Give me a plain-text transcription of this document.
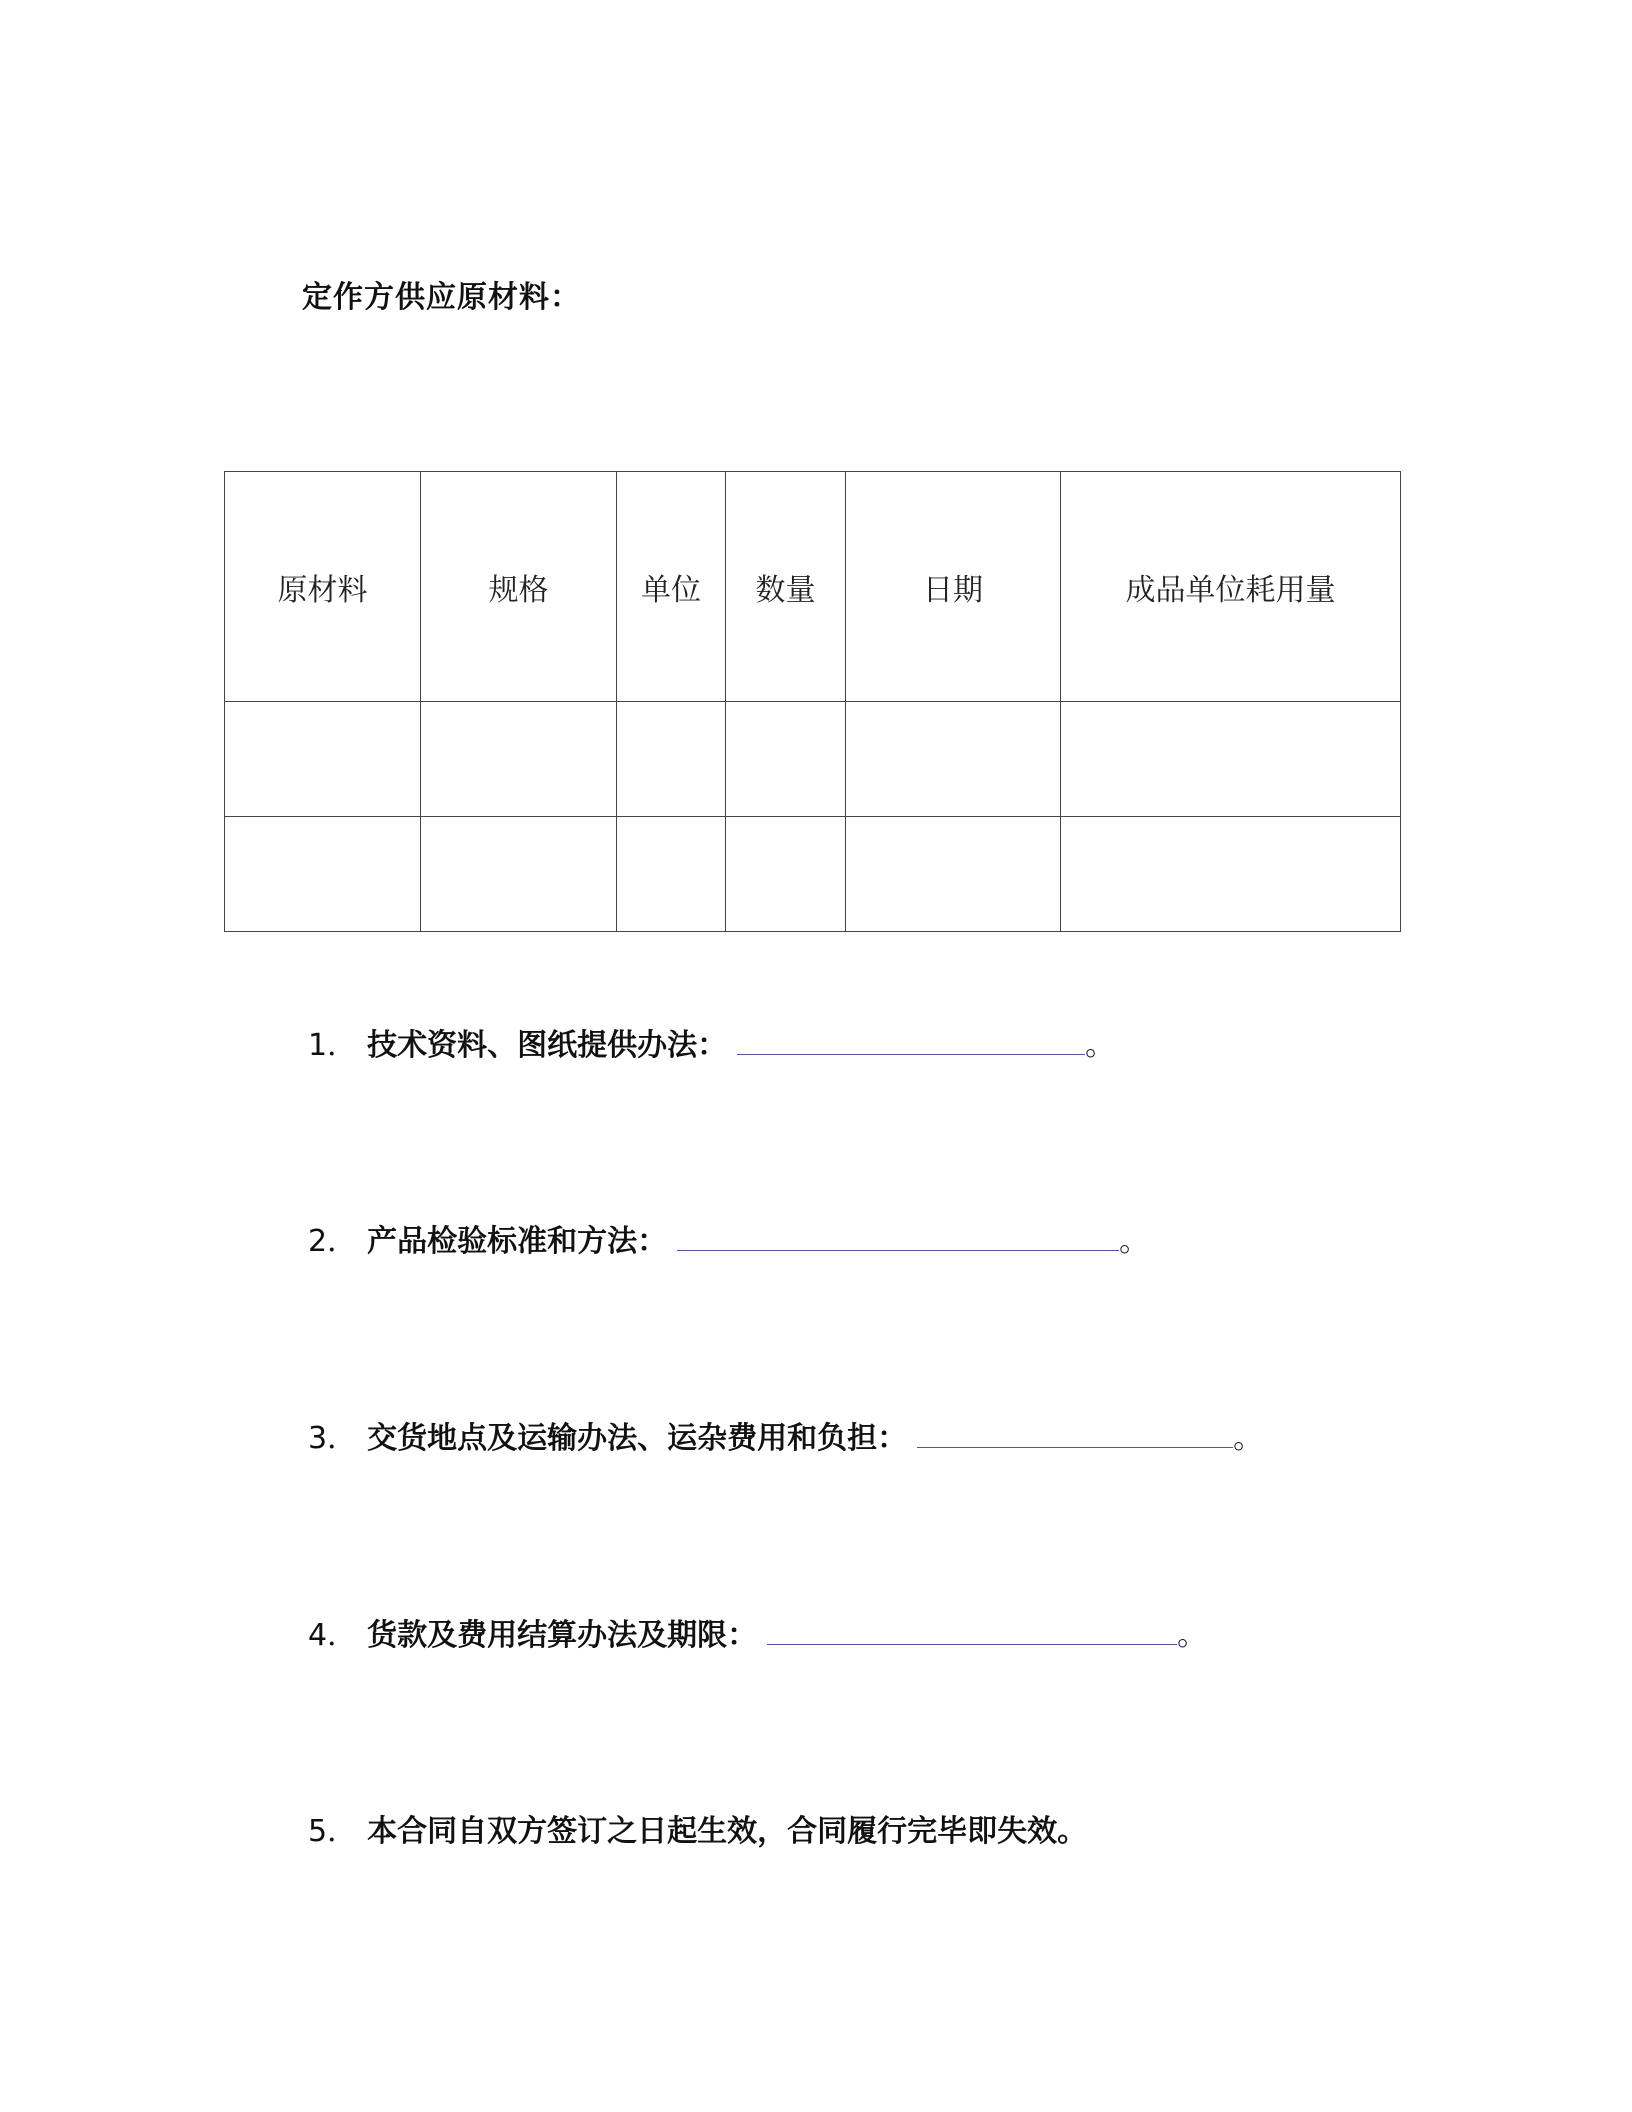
定作方供应原材料：
原材料	规格	单位	数量	日期	成品单位耗用量

1． 技术资料、图纸提供办法：	。
2． 产品检验标准和方法：	。
3． 交货地点及运输办法、运杂费用和负担：	。
4． 货款及费用结算办法及期限：	。
5． 本合同自双方签订之日起生效，合同履行完毕即失效。
